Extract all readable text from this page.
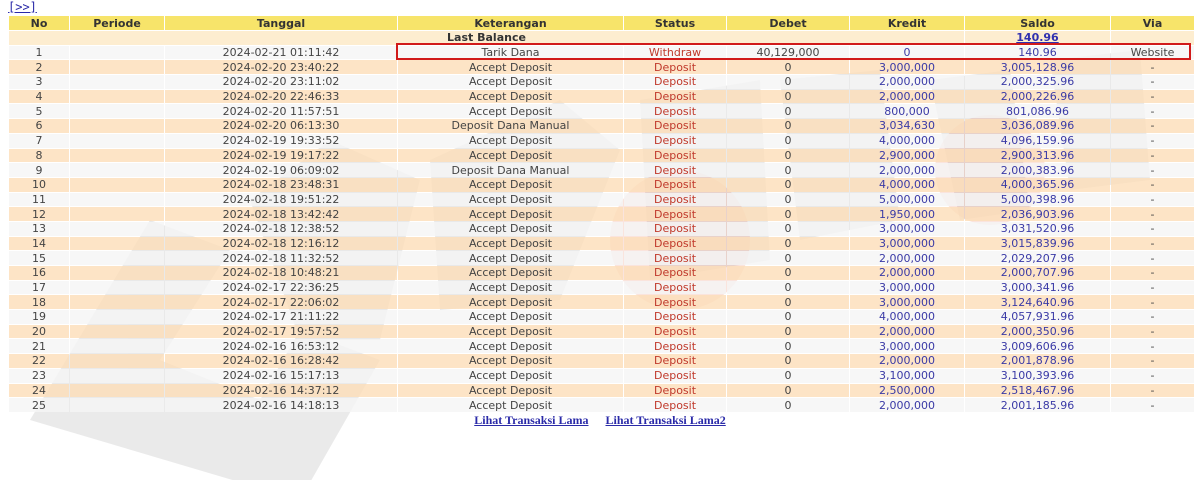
[>>]
No	Periode	Tanggal	Keterangan	Status	Debet	Kredit	Saldo	Via
Last Balance							140.96	
1		2024-02-21 01:11:42	Tarik Dana	Withdraw	40,129,000	0	140.96	Website
2		2024-02-20 23:40:22	Accept Deposit	Deposit	0	3,000,000	3,005,128.96	-
3		2024-02-20 23:11:02	Accept Deposit	Deposit	0	2,000,000	2,000,325.96	-
4		2024-02-20 22:46:33	Accept Deposit	Deposit	0	2,000,000	2,000,226.96	-
5		2024-02-20 11:57:51	Accept Deposit	Deposit	0	800,000	801,086.96	-
6		2024-02-20 06:13:30	Deposit Dana Manual	Deposit	0	3,034,630	3,036,089.96	-
7		2024-02-19 19:33:52	Accept Deposit	Deposit	0	4,000,000	4,096,159.96	-
8		2024-02-19 19:17:22	Accept Deposit	Deposit	0	2,900,000	2,900,313.96	-
9		2024-02-19 06:09:02	Deposit Dana Manual	Deposit	0	2,000,000	2,000,383.96	-
10		2024-02-18 23:48:31	Accept Deposit	Deposit	0	4,000,000	4,000,365.96	-
11		2024-02-18 19:51:22	Accept Deposit	Deposit	0	5,000,000	5,000,398.96	-
12		2024-02-18 13:42:42	Accept Deposit	Deposit	0	1,950,000	2,036,903.96	-
13		2024-02-18 12:38:52	Accept Deposit	Deposit	0	3,000,000	3,031,520.96	-
14		2024-02-18 12:16:12	Accept Deposit	Deposit	0	3,000,000	3,015,839.96	-
15		2024-02-18 11:32:52	Accept Deposit	Deposit	0	2,000,000	2,029,207.96	-
16		2024-02-18 10:48:21	Accept Deposit	Deposit	0	2,000,000	2,000,707.96	-
17		2024-02-17 22:36:25	Accept Deposit	Deposit	0	3,000,000	3,000,341.96	-
18		2024-02-17 22:06:02	Accept Deposit	Deposit	0	3,000,000	3,124,640.96	-
19		2024-02-17 21:11:22	Accept Deposit	Deposit	0	4,000,000	4,057,931.96	-
20		2024-02-17 19:57:52	Accept Deposit	Deposit	0	2,000,000	2,000,350.96	-
21		2024-02-16 16:53:12	Accept Deposit	Deposit	0	3,000,000	3,009,606.96	-
22		2024-02-16 16:28:42	Accept Deposit	Deposit	0	2,000,000	2,001,878.96	-
23		2024-02-16 15:17:13	Accept Deposit	Deposit	0	3,100,000	3,100,393.96	-
24		2024-02-16 14:37:12	Accept Deposit	Deposit	0	2,500,000	2,518,467.96	-
25		2024-02-16 14:18:13	Accept Deposit	Deposit	0	2,000,000	2,001,185.96	-
Lihat Transaksi Lama Lihat Transaksi Lama2
